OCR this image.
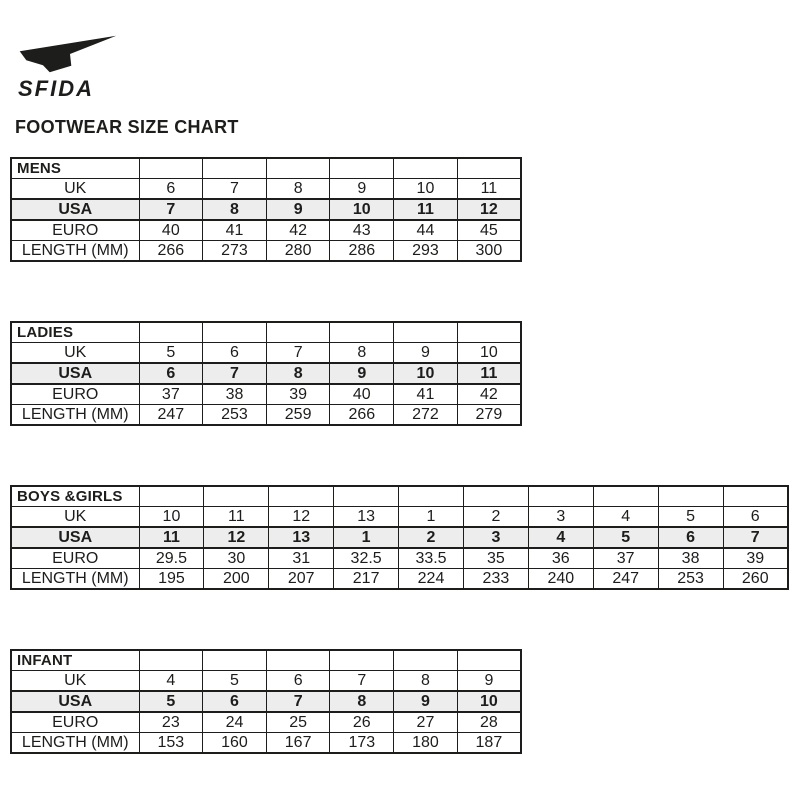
SFIDA
FOOTWEAR SIZE CHART
MENS						
UK	6	7	8	9	10	11
USA	7	8	9	10	11	12
EURO	40	41	42	43	44	45
LENGTH (MM)	266	273	280	286	293	300
LADIES						
UK	5	6	7	8	9	10
USA	6	7	8	9	10	11
EURO	37	38	39	40	41	42
LENGTH (MM)	247	253	259	266	272	279
BOYS &GIRLS										
UK	10	11	12	13	1	2	3	4	5	6
USA	11	12	13	1	2	3	4	5	6	7
EURO	29.5	30	31	32.5	33.5	35	36	37	38	39
LENGTH (MM)	195	200	207	217	224	233	240	247	253	260
INFANT						
UK	4	5	6	7	8	9
USA	5	6	7	8	9	10
EURO	23	24	25	26	27	28
LENGTH (MM)	153	160	167	173	180	187
